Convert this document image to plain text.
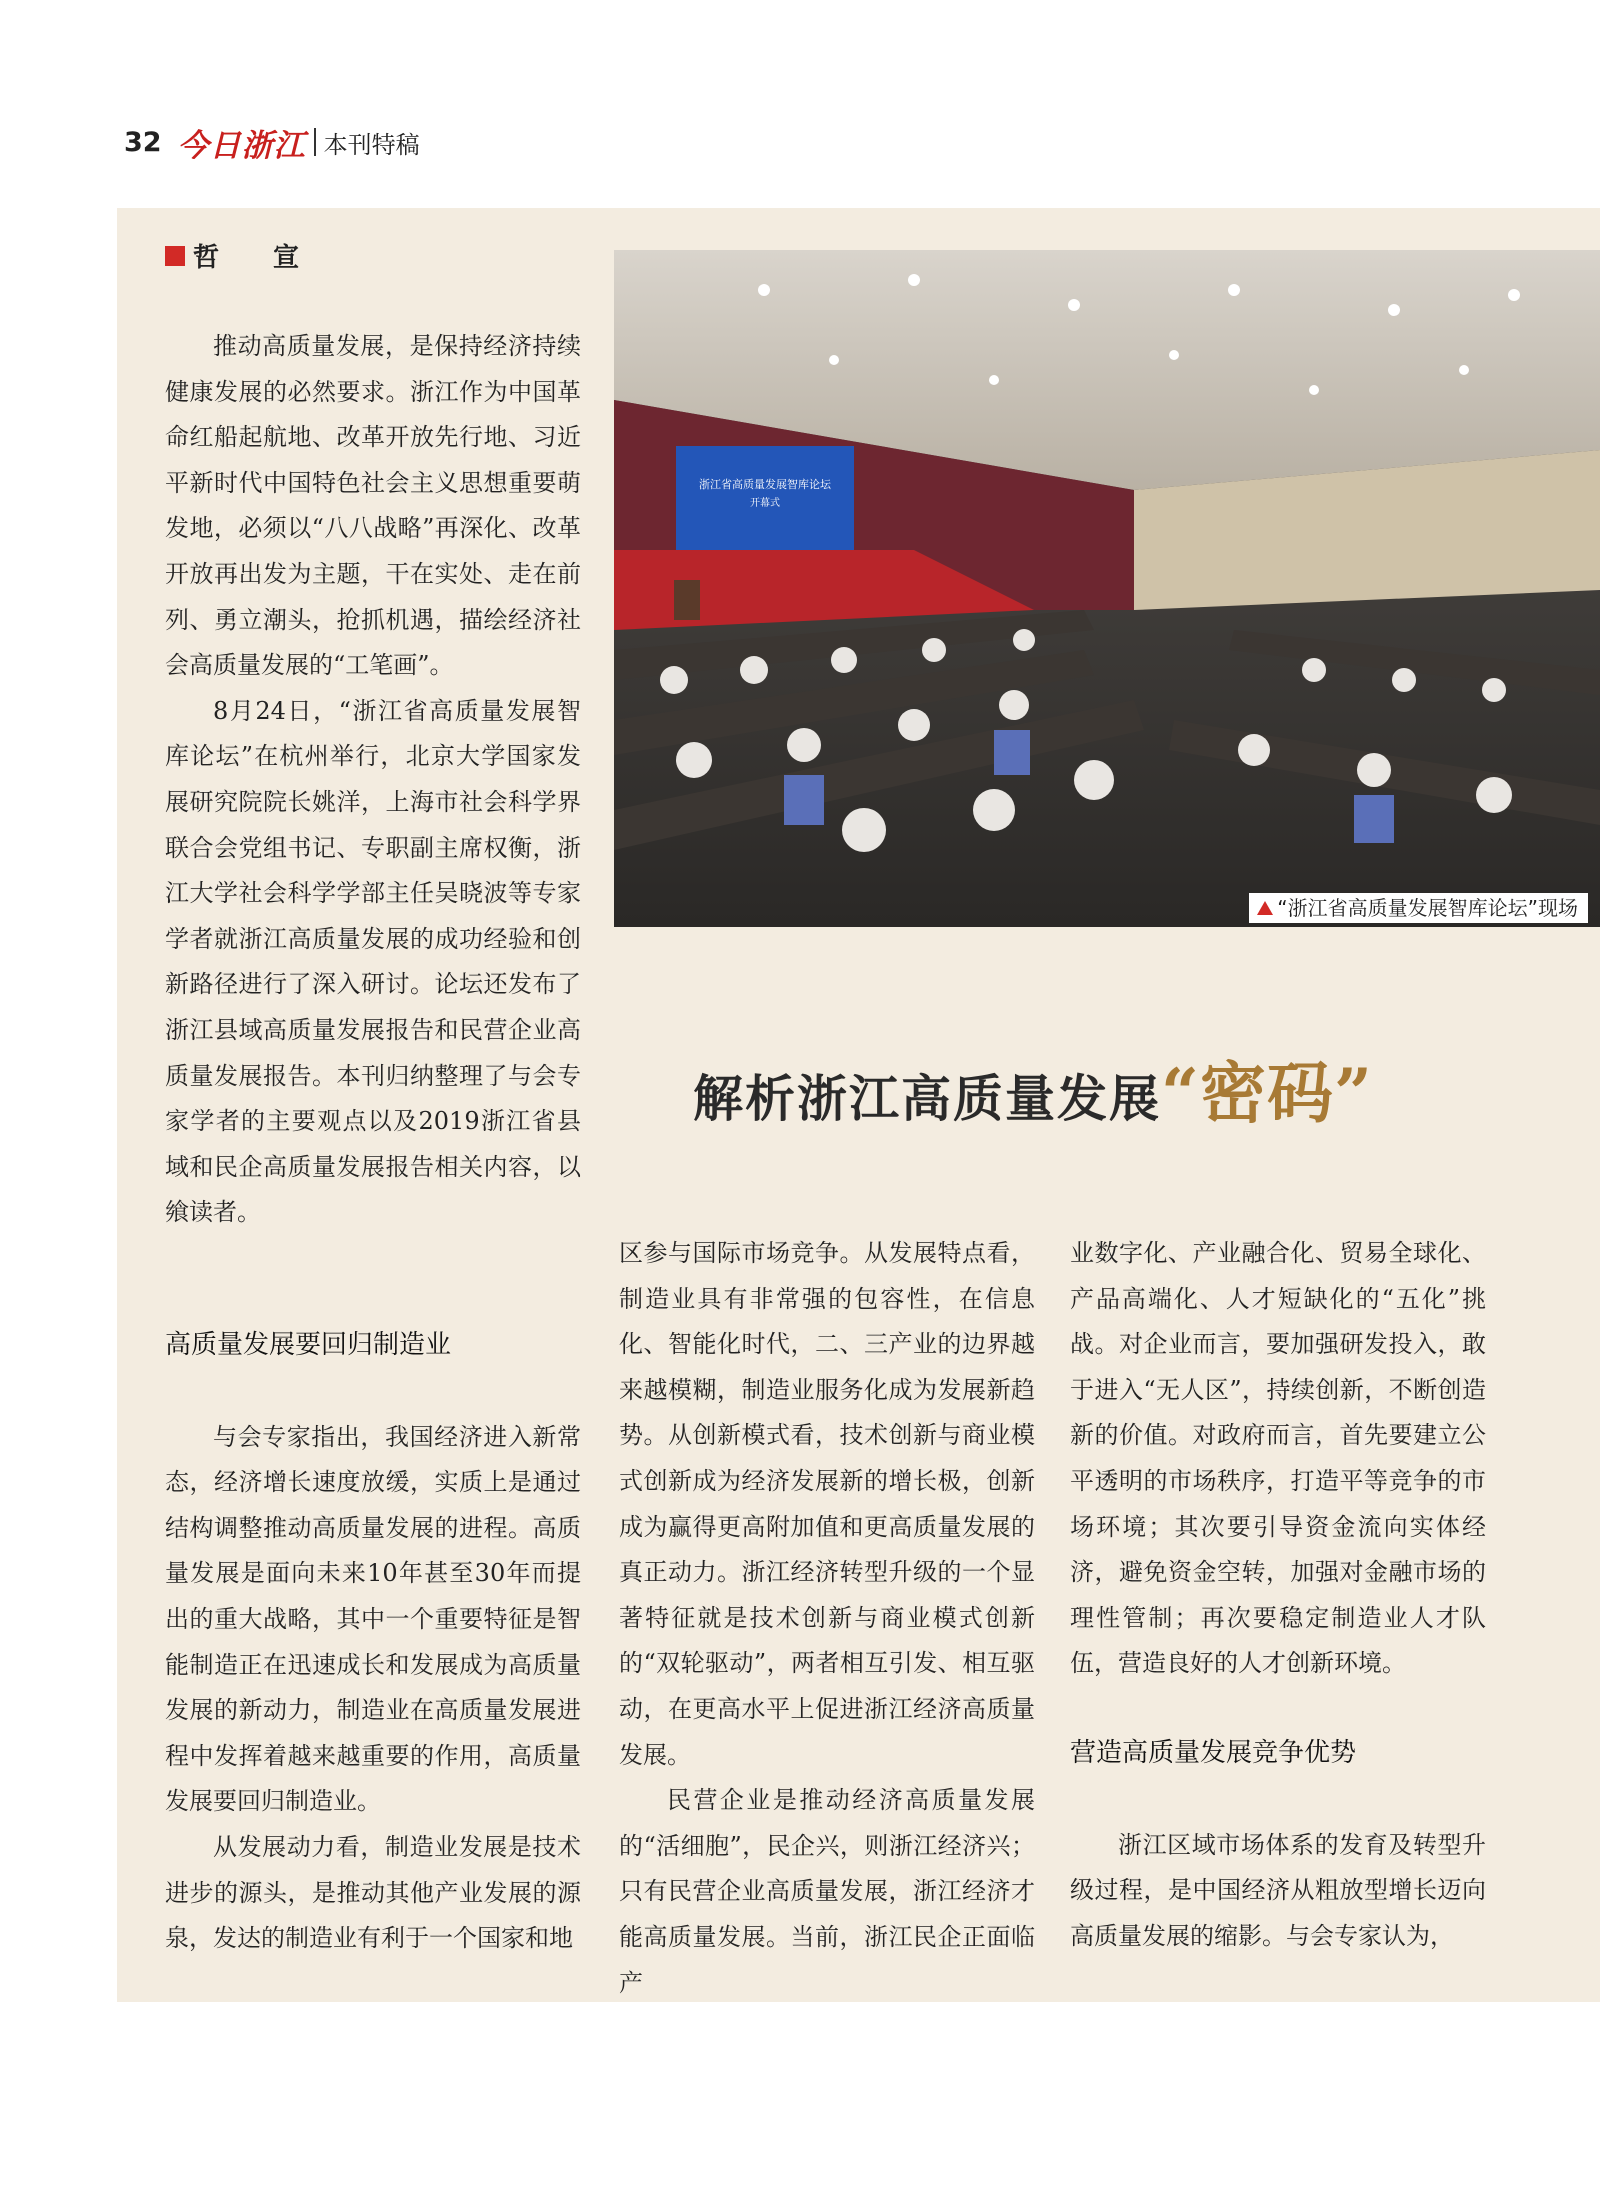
32 今日浙江 本刊特稿
哲　宣
浙江省高质量发展智库论坛
开幕式
“浙江省高质量发展智库论坛”现场
解析浙江高质量发展“密码”

推动高质量发展，是保持经济持续健康发展的必然要求。浙江作为中国革命红船起航地、改革开放先行地、习近平新时代中国特色社会主义思想重要萌发地，必须以“八八战略”再深化、改革开放再出发为主题，干在实处、走在前列、勇立潮头，抢抓机遇，描绘经济社会高质量发展的“工笔画”。

8月24日，“浙江省高质量发展智库论坛”在杭州举行，北京大学国家发展研究院院长姚洋，上海市社会科学界联合会党组书记、专职副主席权衡，浙江大学社会科学学部主任吴晓波等专家学者就浙江高质量发展的成功经验和创新路径进行了深入研讨。论坛还发布了浙江县域高质量发展报告和民营企业高质量发展报告。本刊归纳整理了与会专家学者的主要观点以及2019浙江省县域和民企高质量发展报告相关内容，以飨读者。

高质量发展要回归制造业

与会专家指出，我国经济进入新常态，经济增长速度放缓，实质上是通过结构调整推动高质量发展的进程。高质量发展是面向未来10年甚至30年而提出的重大战略，其中一个重要特征是智能制造正在迅速成长和发展成为高质量发展的新动力，制造业在高质量发展进程中发挥着越来越重要的作用，高质量发展要回归制造业。

从发展动力看，制造业发展是技术进步的源头，是推动其他产业发展的源泉，发达的制造业有利于一个国家和地

区参与国际市场竞争。从发展特点看，制造业具有非常强的包容性，在信息化、智能化时代，二、三产业的边界越来越模糊，制造业服务化成为发展新趋势。从创新模式看，技术创新与商业模式创新成为经济发展新的增长极，创新成为赢得更高附加值和更高质量发展的真正动力。浙江经济转型升级的一个显著特征就是技术创新与商业模式创新的“双轮驱动”，两者相互引发、相互驱动，在更高水平上促进浙江经济高质量发展。

民营企业是推动经济高质量发展的“活细胞”，民企兴，则浙江经济兴；只有民营企业高质量发展，浙江经济才能高质量发展。当前，浙江民企正面临产

业数字化、产业融合化、贸易全球化、产品高端化、人才短缺化的“五化”挑战。对企业而言，要加强研发投入，敢于进入“无人区”，持续创新，不断创造新的价值。对政府而言，首先要建立公平透明的市场秩序，打造平等竞争的市场环境；其次要引导资金流向实体经济，避免资金空转，加强对金融市场的理性管制；再次要稳定制造业人才队伍，营造良好的人才创新环境。

营造高质量发展竞争优势

浙江区域市场体系的发育及转型升级过程，是中国经济从粗放型增长迈向高质量发展的缩影。与会专家认为，
